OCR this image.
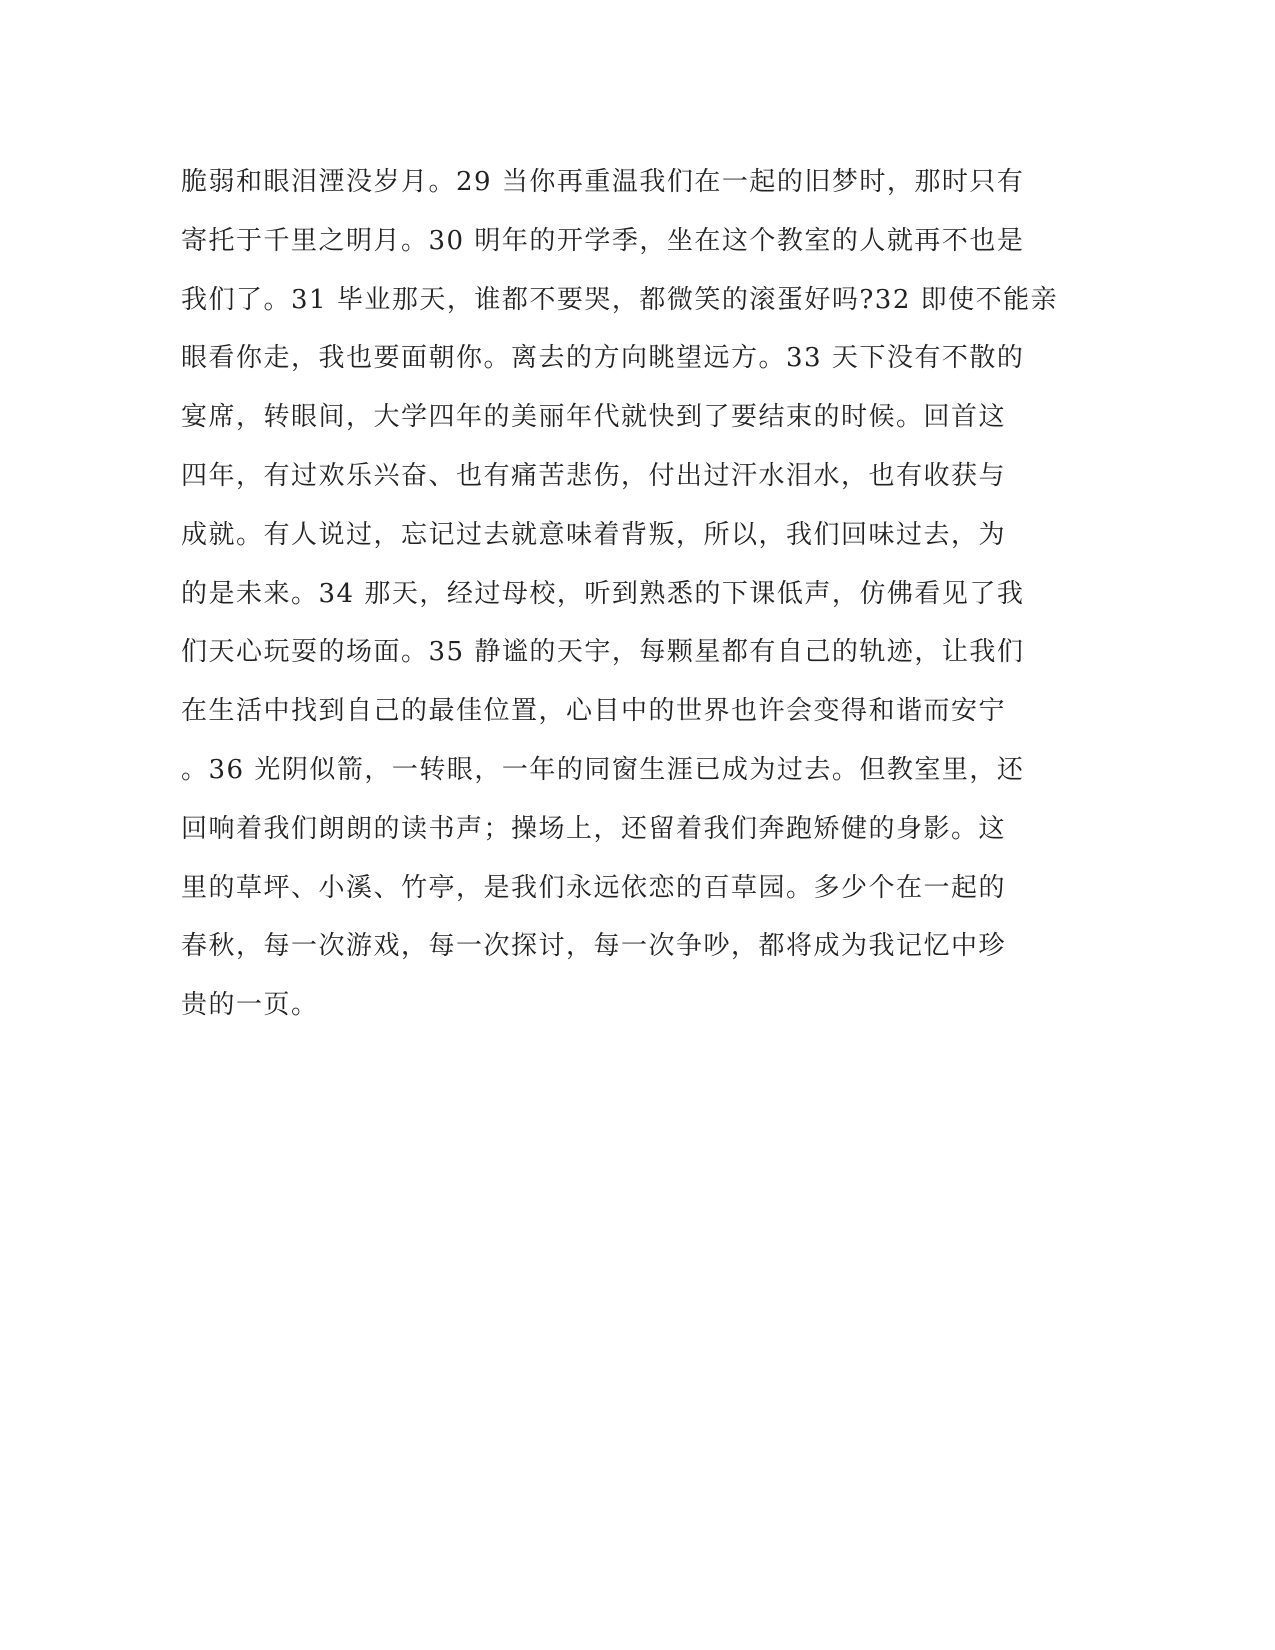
脆弱和眼泪湮没岁月。29 当你再重温我们在一起的旧梦时，那时只有
寄托于千里之明月。30 明年的开学季，坐在这个教室的人就再不也是
我们了。31 毕业那天，谁都不要哭，都微笑的滚蛋好吗?32 即使不能亲
眼看你走，我也要面朝你。离去的方向眺望远方。33 天下没有不散的
宴席，转眼间，大学四年的美丽年代就快到了要结束的时候。回首这
四年，有过欢乐兴奋、也有痛苦悲伤，付出过汗水泪水，也有收获与
成就。有人说过，忘记过去就意味着背叛，所以，我们回味过去，为
的是未来。34 那天，经过母校，听到熟悉的下课低声，仿佛看见了我
们天心玩耍的场面。35 静谧的天宇，每颗星都有自己的轨迹，让我们
在生活中找到自己的最佳位置，心目中的世界也许会变得和谐而安宁
。36 光阴似箭，一转眼，一年的同窗生涯已成为过去。但教室里，还
回响着我们朗朗的读书声；操场上，还留着我们奔跑矫健的身影。这
里的草坪、小溪、竹亭，是我们永远依恋的百草园。多少个在一起的
春秋，每一次游戏，每一次探讨，每一次争吵，都将成为我记忆中珍
贵的一页。
